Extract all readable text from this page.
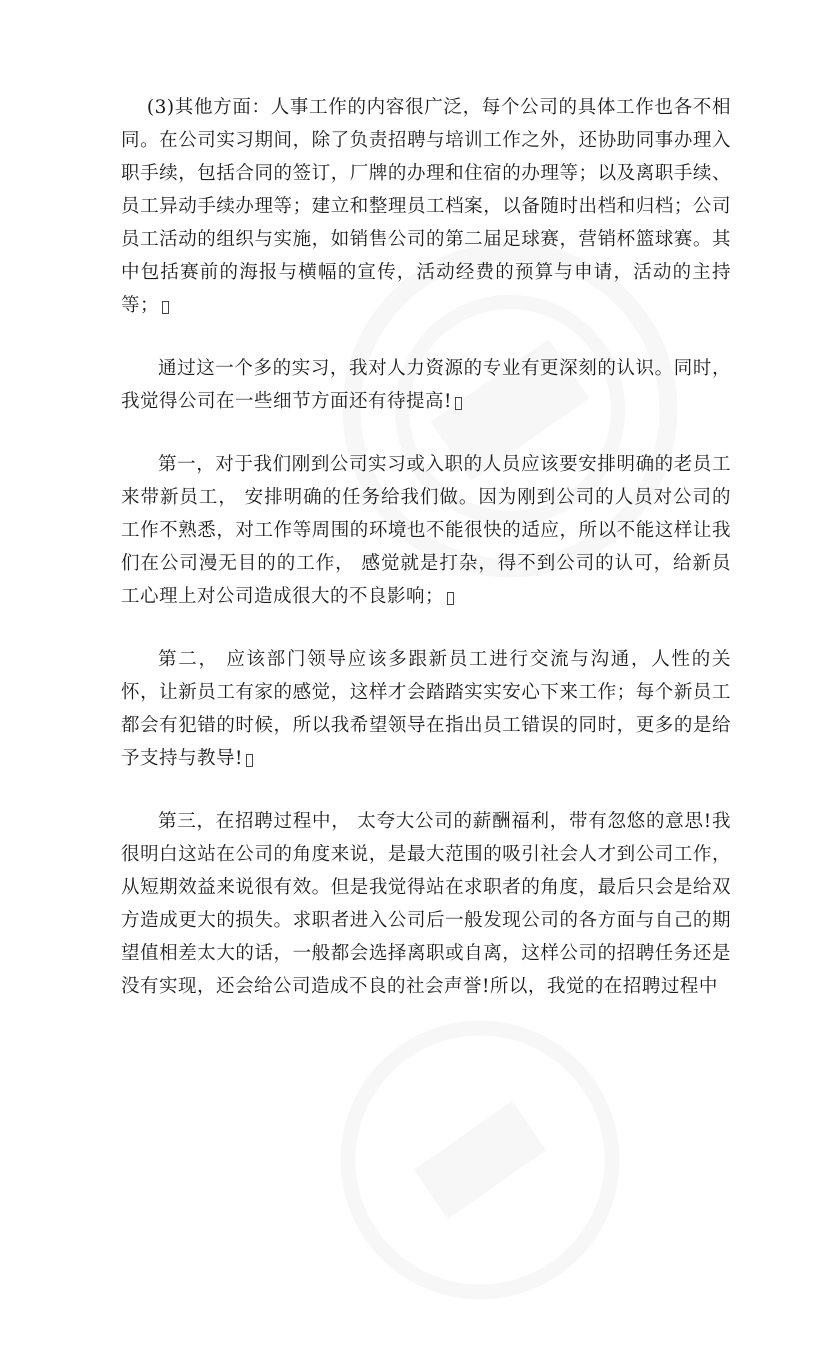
(3)其他方面：人事工作的内容很广泛，每个公司的具体工作也各不相同。在公司实习期间，除了负责招聘与培训工作之外，还协助同事办理入职手续，包括合同的签订，厂牌的办理和住宿的办理等；以及离职手续、员工异动手续办理等；建立和整理员工档案，以备随时出档和归档；公司员工活动的组织与实施，如销售公司的第二届足球赛，营销杯篮球赛。其中包括赛前的海报与横幅的宣传，活动经费的预算与申请，活动的主持等；

通过这一个多的实习，我对人力资源的专业有更深刻的认识。同时，我觉得公司在一些细节方面还有待提高!

第一，对于我们刚到公司实习或入职的人员应该要安排明确的老员工来带新员工， 安排明确的任务给我们做。因为刚到公司的人员对公司的工作不熟悉，对工作等周围的环境也不能很快的适应，所以不能这样让我们在公司漫无目的的工作， 感觉就是打杂，得不到公司的认可，给新员工心理上对公司造成很大的不良影响；

第二， 应该部门领导应该多跟新员工进行交流与沟通，人性的关怀，让新员工有家的感觉，这样才会踏踏实实安心下来工作；每个新员工都会有犯错的时候，所以我希望领导在指出员工错误的同时，更多的是给予支持与教导!

第三，在招聘过程中， 太夸大公司的薪酬福利，带有忽悠的意思!我很明白这站在公司的角度来说，是最大范围的吸引社会人才到公司工作，从短期效益来说很有效。但是我觉得站在求职者的角度，最后只会是给双方造成更大的损失。求职者进入公司后一般发现公司的各方面与自己的期望值相差太大的话，一般都会选择离职或自离，这样公司的招聘任务还是没有实现，还会给公司造成不良的社会声誉!所以，我觉的在招聘过程中
